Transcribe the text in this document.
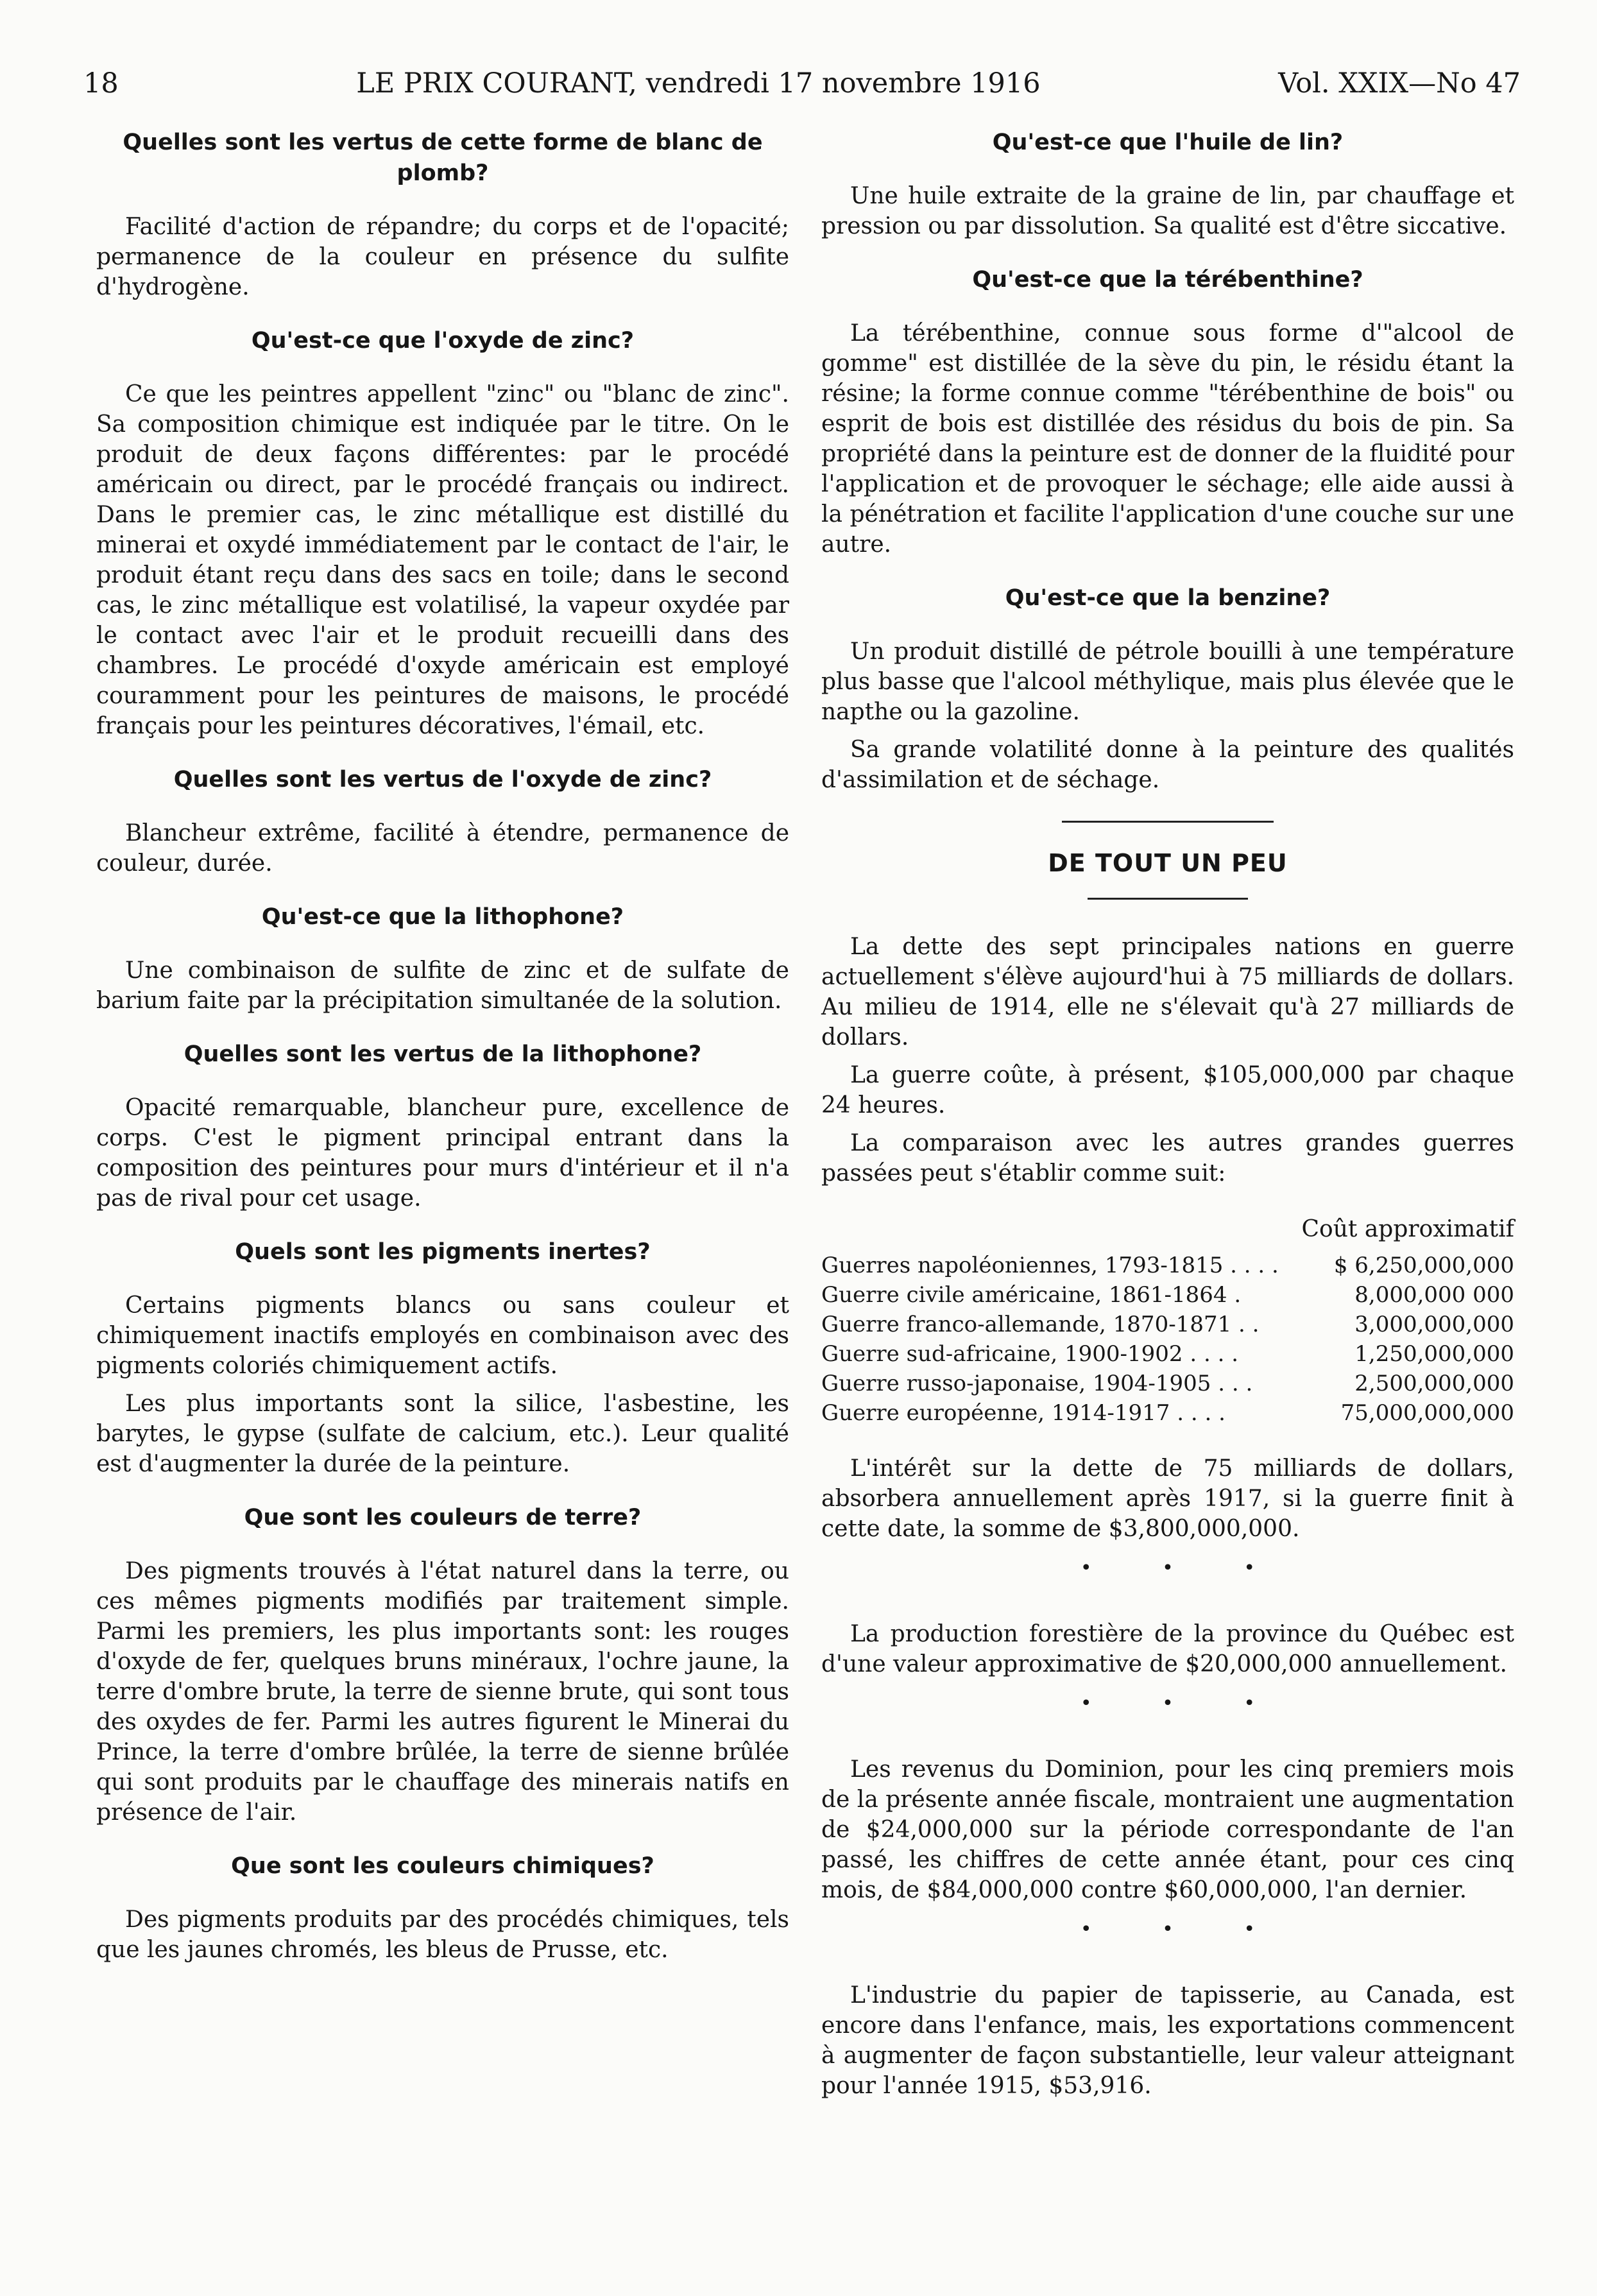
18	LE PRIX COURANT, vendredi 17 novembre 1916	Vol. XXIX—No 47
Quelles sont les vertus de cette forme de blanc de plomb?

Facilité d'action de répandre; du corps et de l'opacité; permanence de la couleur en présence du sulfite d'hydrogène.

Qu'est-ce que l'oxyde de zinc?

Ce que les peintres appellent "zinc" ou "blanc de zinc". Sa composition chimique est indiquée par le titre. On le produit de deux façons différentes: par le procédé américain ou direct, par le procédé français ou indirect. Dans le premier cas, le zinc métallique est distillé du minerai et oxydé immédiatement par le contact de l'air, le produit étant reçu dans des sacs en toile; dans le second cas, le zinc métallique est volatilisé, la vapeur oxydée par le contact avec l'air et le produit recueilli dans des chambres. Le procédé d'oxyde américain est employé couramment pour les peintures de maisons, le procédé français pour les peintures décoratives, l'émail, etc.

Quelles sont les vertus de l'oxyde de zinc?

Blancheur extrême, facilité à étendre, permanence de couleur, durée.

Qu'est-ce que la lithophone?

Une combinaison de sulfite de zinc et de sulfate de barium faite par la précipitation simultanée de la solution.

Quelles sont les vertus de la lithophone?

Opacité remarquable, blancheur pure, excellence de corps. C'est le pigment principal entrant dans la composition des peintures pour murs d'intérieur et il n'a pas de rival pour cet usage.

Quels sont les pigments inertes?

Certains pigments blancs ou sans couleur et chimiquement inactifs employés en combinaison avec des pigments coloriés chimiquement actifs.

Les plus importants sont la silice, l'asbestine, les barytes, le gypse (sulfate de calcium, etc.). Leur qualité est d'augmenter la durée de la peinture.

Que sont les couleurs de terre?

Des pigments trouvés à l'état naturel dans la terre, ou ces mêmes pigments modifiés par traitement simple. Parmi les premiers, les plus importants sont: les rouges d'oxyde de fer, quelques bruns minéraux, l'ochre jaune, la terre d'ombre brute, la terre de sienne brute, qui sont tous des oxydes de fer. Parmi les autres figurent le Minerai du Prince, la terre d'ombre brûlée, la terre de sienne brûlée qui sont produits par le chauffage des minerais natifs en présence de l'air.

Que sont les couleurs chimiques?

Des pigments produits par des procédés chimiques, tels que les jaunes chromés, les bleus de Prusse, etc.

Qu'est-ce que l'huile de lin?

Une huile extraite de la graine de lin, par chauffage et pression ou par dissolution. Sa qualité est d'être siccative.

Qu'est-ce que la térébenthine?

La térébenthine, connue sous forme d'"alcool de gomme" est distillée de la sève du pin, le résidu étant la résine; la forme connue comme "térébenthine de bois" ou esprit de bois est distillée des résidus du bois de pin. Sa propriété dans la peinture est de donner de la fluidité pour l'application et de provoquer le séchage; elle aide aussi à la pénétration et facilite l'application d'une couche sur une autre.

Qu'est-ce que la benzine?

Un produit distillé de pétrole bouilli à une température plus basse que l'alcool méthylique, mais plus élevée que le napthe ou la gazoline.

Sa grande volatilité donne à la peinture des qualités d'assimilation et de séchage.

DE TOUT UN PEU

La dette des sept principales nations en guerre actuellement s'élève aujourd'hui à 75 milliards de dollars. Au milieu de 1914, elle ne s'élevait qu'à 27 milliards de dollars.

La guerre coûte, à présent, $105,000,000 par chaque 24 heures.

La comparaison avec les autres grandes guerres passées peut s'établir comme suit:

Coût approximatif
Guerres napoléoniennes, 1793-1815 . . . .	$ 6,250,000,000
Guerre civile américaine, 1861-1864 .	8,000,000 000
Guerre franco-allemande, 1870-1871 . .	3,000,000,000
Guerre sud-africaine, 1900-1902 . . . .	1,250,000,000
Guerre russo-japonaise, 1904-1905 . . .	2,500,000,000
Guerre européenne, 1914-1917 . . . .	75,000,000,000

L'intérêt sur la dette de 75 milliards de dollars, absorbera annuellement après 1917, si la guerre finit à cette date, la somme de $3,800,000,000.

• • •

La production forestière de la province du Québec est d'une valeur approximative de $20,000,000 annuellement.

• • •

Les revenus du Dominion, pour les cinq premiers mois de la présente année fiscale, montraient une augmentation de $24,000,000 sur la période correspondante de l'an passé, les chiffres de cette année étant, pour ces cinq mois, de $84,000,000 contre $60,000,000, l'an dernier.

• • •

L'industrie du papier de tapisserie, au Canada, est encore dans l'enfance, mais, les exportations commencent à augmenter de façon substantielle, leur valeur atteignant pour l'année 1915, $53,916.
